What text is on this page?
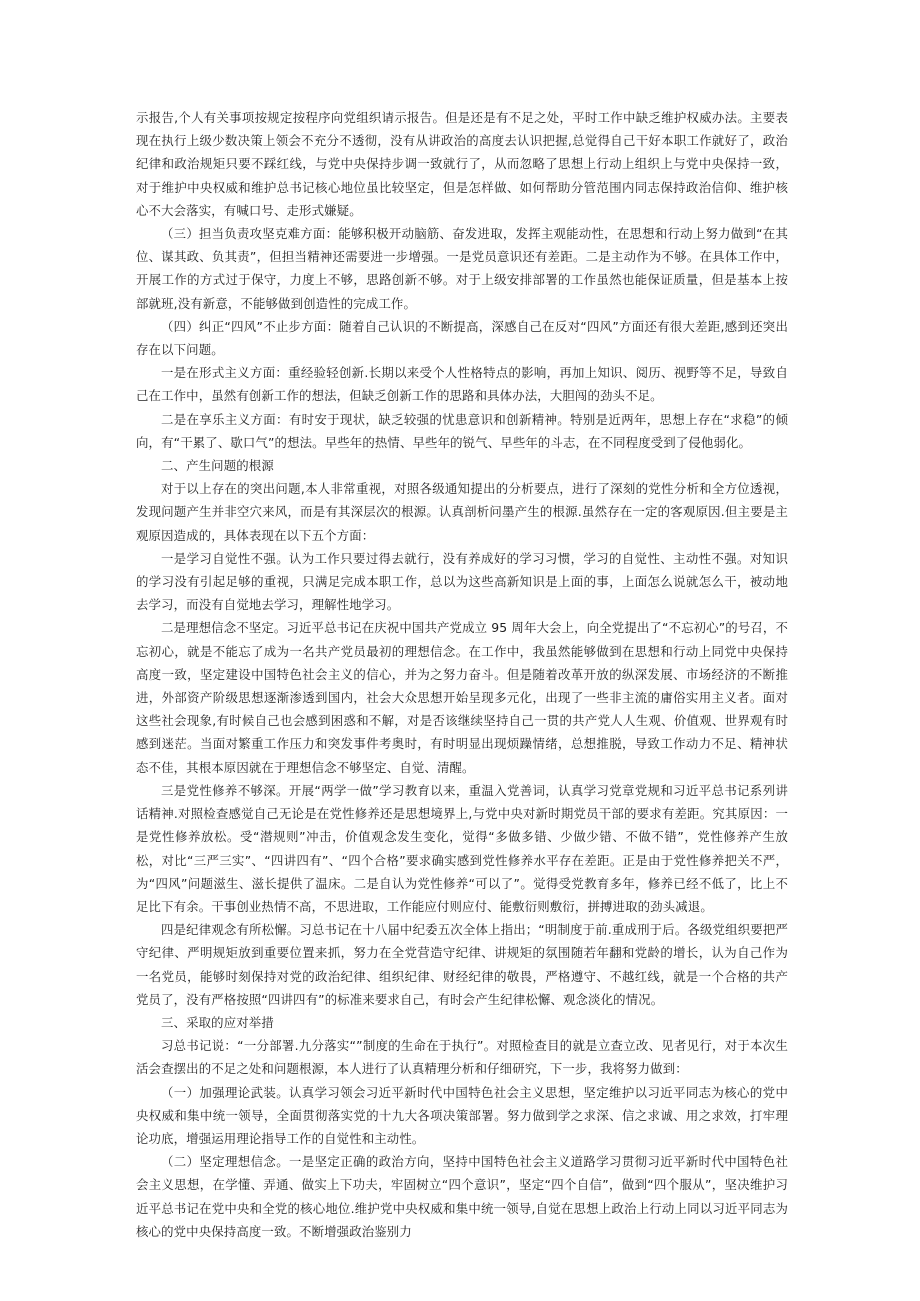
示报告,个人有关事项按规定按程序向党组织请示报告。但是还是有不足之处，平时工作中缺乏维护权威办法。主要表现在执行上级少数决策上领会不充分不透彻，没有从讲政治的高度去认识把握,总觉得自己干好本职工作就好了，政治纪律和政治规矩只要不踩红线，与党中央保持步调一致就行了，从而忽略了思想上行动上组织上与党中央保持一致，对于维护中央权威和维护总书记核心地位虽比较坚定，但是怎样做、如何帮助分管范围内同志保持政治信仰、维护核心不大会落实，有喊口号、走形式嫌疑。

（三）担当负责攻坚克难方面：能够积极开动脑筋、奋发进取，发挥主观能动性，在思想和行动上努力做到“在其位、谋其政、负其责”，但担当精神还需要进一步增强。一是党员意识还有差距。二是主动作为不够。在具体工作中，开展工作的方式过于保守，力度上不够，思路创新不够。对于上级安排部署的工作虽然也能保证质量，但是基本上按部就班,没有新意，不能够做到创造性的完成工作。

（四）纠正“四风”不止步方面：随着自己认识的不断提高，深感自己在反对“四风”方面还有很大差距,感到还突出存在以下问题。

一是在形式主义方面：重经验轻创新.长期以来受个人性格特点的影响，再加上知识、阅历、视野等不足，导致自己在工作中，虽然有创新工作的想法，但缺乏创新工作的思路和具体办法，大胆闯的劲头不足。

二是在享乐主义方面：有时安于现状，缺乏较强的忧患意识和创新精神。特别是近两年，思想上存在“求稳”的倾向，有“干累了、歇口气”的想法。早些年的热情、早些年的锐气、早些年的斗志，在不同程度受到了侵他弱化。

二、产生问题的根源

对于以上存在的突出问题,本人非常重视，对照各级通知提出的分析要点，进行了深刻的党性分析和全方位透视，发现问题产生并非空穴来风，而是有其深层次的根源。认真剖析问墨产生的根源.虽然存在一定的客观原因.但主要是主观原因造成的，具体表现在以下五个方面：

一是学习自觉性不强。认为工作只要过得去就行，没有养成好的学习习惯，学习的自觉性、主动性不强。对知识的学习没有引起足够的重视，只满足完成本职工作，总以为这些高新知识是上面的事，上面怎么说就怎么干，被动地去学习，而没有自觉地去学习，理解性地学习。

二是理想信念不坚定。习近平总书记在庆祝中国共产党成立 95 周年大会上，向全党提出了“不忘初心”的号召，不忘初心，就是不能忘了成为一名共产党员最初的理想信念。在工作中，我虽然能够做到在思想和行动上同党中央保持高度一致，坚定建设中国特色社会主义的信心，并为之努力奋斗。但是随着改革开放的纵深发展、市场经济的不断推进，外部资产阶级思想逐渐渗透到国内，社会大众思想开始呈现多元化，出现了一些非主流的庸俗实用主义者。面对这些社会现象,有时候自己也会感到困惑和不解，对是否该继续坚持自己一贯的共产党人人生观、价值观、世界观有时感到迷茫。当面对繁重工作压力和突发事件考奥时，有时明显出现烦躁情绪，总想推脱，导致工作动力不足、精神状态不佳，其根本原因就在于理想信念不够坚定、自觉、清醒。

三是党性修养不够深。开展“两学一做”学习教育以来，重温入党善词，认真学习党章党规和习近平总书记系列讲话精神.对照检查感觉自己无论是在党性修养还是思想境界上,与党中央对新时期党员干部的要求有差距。究其原因：一是党性修养放松。受“潜规则”冲击，价值观念发生变化，觉得“多做多错、少做少错、不做不错”，党性修养产生放松，对比“三严三实”、“四讲四有”、“四个合格”要求确实感到党性修养水平存在差距。正是由于党性修养把关不严，为“四风”问题滋生、滋长提供了温床。二是自认为党性修养“可以了”。觉得受党教育多年，修养已经不低了，比上不足比下有余。干事创业热情不高，不思进取，工作能应付则应付、能敷衍则敷衍，拼搏进取的劲头减退。

四是纪律观念有所松懈。习总书记在十八届中纪委五次全体上指出；“明制度于前.重成刑于后。各级党组织要把严守纪律、严明规矩放到重要位置来抓，努力在全党营造守纪律、讲规矩的氛围随若年翻和党龄的增长，认为自己作为一名党员，能够时刻保持对党的政治纪律、组织纪律、财经纪律的敬畏，严格遵守、不越红线，就是一个合格的共产党员了，没有严格按照“四讲四有”的标准来要求自己，有时会产生纪律松懈、观念淡化的情况。

三、采取的应对举措

习总书记说：“一分部署.九分落实“”制度的生命在于执行”。对照检查目的就是立查立改、见者见行，对于本次生活会查摆出的不足之处和问题根源，本人进行了认真精理分析和仔细研究，下一步，我将努力做到：

（一）加强理论武装。认真学习领会习近平新时代中国特色社会主义思想，坚定维护以习近平同志为核心的党中央权威和集中统一领导，全面贯彻落实党的十九大各项决策部署。努力做到学之求深、信之求诚、用之求效，打牢理论功底，增强运用理论指导工作的自觉性和主动性。

（二）坚定理想信念。一是坚定正确的政治方向，坚持中国特色社会主义道路学习贯彻习近平新时代中国特色社会主义思想，在学懂、弄通、做实上下功夫，牢固树立“四个意识”，坚定“四个自信”，做到“四个服从”，坚决维护习近平总书记在党中央和全党的核心地位.维护党中央权威和集中统一领导,自觉在思想上政治上行动上同以习近平同志为核心的党中央保持高度一致。不断增强政治鉴别力
